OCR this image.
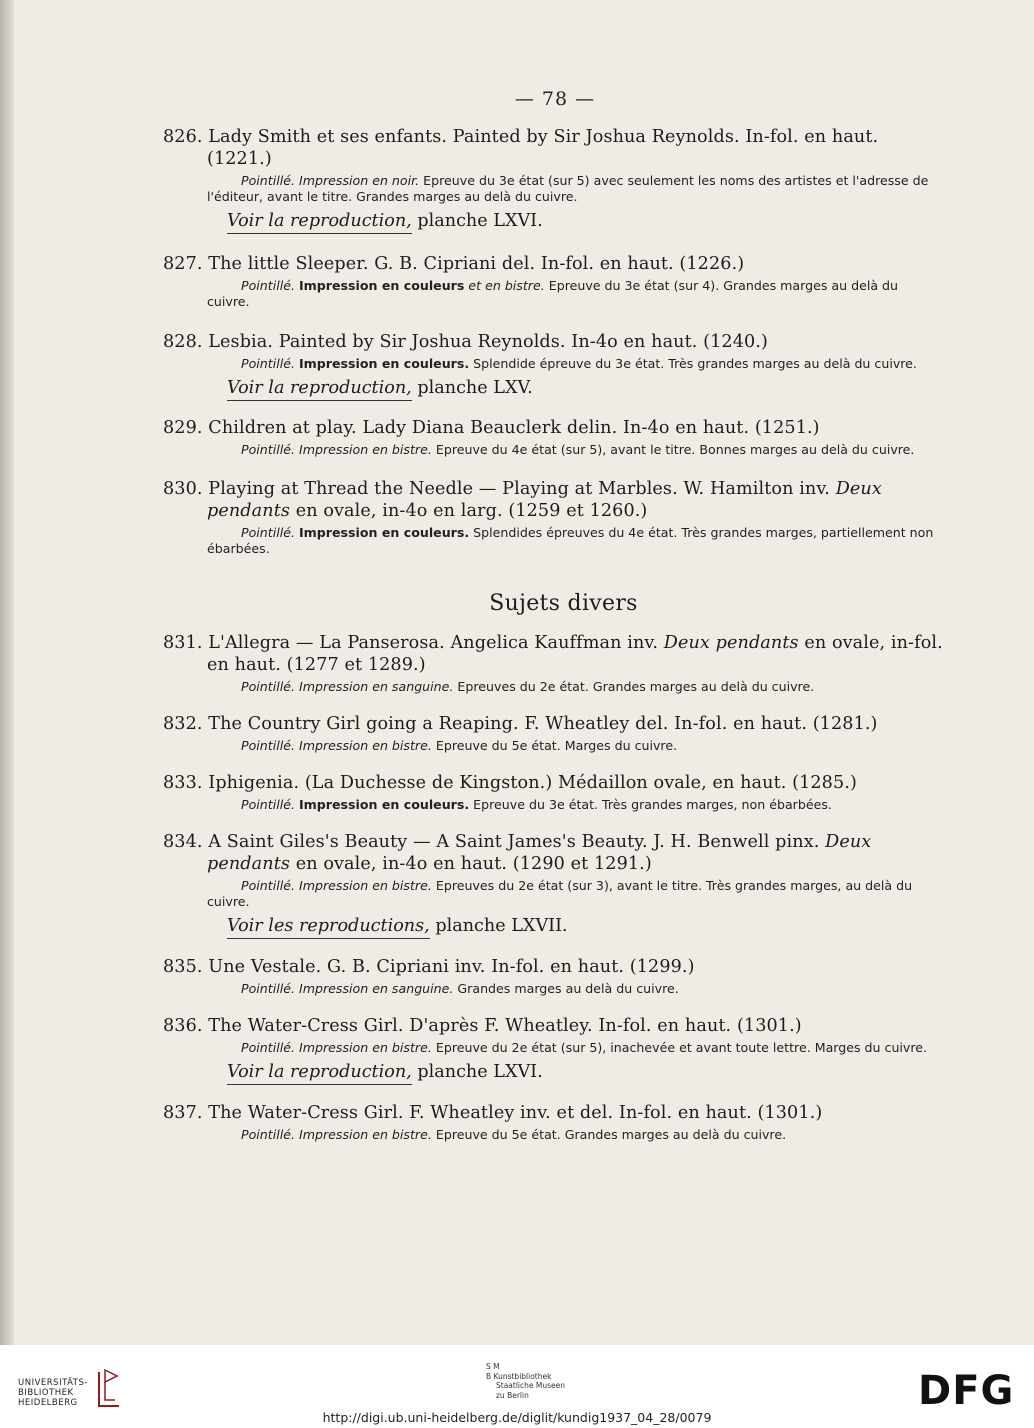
— 78 —
826. Lady Smith et ses enfants. Painted by Sir Joshua Reynolds. In-fol. en haut. (1221.)
Pointillé. Impression en noir. Epreuve du 3e état (sur 5) avec seulement les noms des artistes et l'adresse de l'éditeur, avant le titre. Grandes marges au delà du cuivre.
Voir la reproduction, planche LXVI.
827. The little Sleeper. G. B. Cipriani del. In-fol. en haut. (1226.)
Pointillé. Impression en couleurs et en bistre. Epreuve du 3e état (sur 4). Grandes marges au delà du cuivre.
828. Lesbia. Painted by Sir Joshua Reynolds. In-4o en haut. (1240.)
Pointillé. Impression en couleurs. Splendide épreuve du 3e état. Très grandes marges au delà du cuivre.
Voir la reproduction, planche LXV.
829. Children at play. Lady Diana Beauclerk delin. In-4o en haut. (1251.)
Pointillé. Impression en bistre. Epreuve du 4e état (sur 5), avant le titre. Bonnes marges au delà du cuivre.
830. Playing at Thread the Needle — Playing at Marbles. W. Hamilton inv. Deux pendants en ovale, in-4o en larg. (1259 et 1260.)
Pointillé. Impression en couleurs. Splendides épreuves du 4e état. Très grandes marges, partiellement non ébarbées.
Sujets divers
831. L'Allegra — La Panserosa. Angelica Kauffman inv. Deux pendants en ovale, in-fol. en haut. (1277 et 1289.)
Pointillé. Impression en sanguine. Epreuves du 2e état. Grandes marges au delà du cuivre.
832. The Country Girl going a Reaping. F. Wheatley del. In-fol. en haut. (1281.)
Pointillé. Impression en bistre. Epreuve du 5e état. Marges du cuivre.
833. Iphigenia. (La Duchesse de Kingston.) Médaillon ovale, en haut. (1285.)
Pointillé. Impression en couleurs. Epreuve du 3e état. Très grandes marges, non ébarbées.
834. A Saint Giles's Beauty — A Saint James's Beauty. J. H. Benwell pinx. Deux pendants en ovale, in-4o en haut. (1290 et 1291.)
Pointillé. Impression en bistre. Epreuves du 2e état (sur 3), avant le titre. Très grandes marges, au delà du cuivre.
Voir les reproductions, planche LXVII.
835. Une Vestale. G. B. Cipriani inv. In-fol. en haut. (1299.)
Pointillé. Impression en sanguine. Grandes marges au delà du cuivre.
836. The Water-Cress Girl. D'après F. Wheatley. In-fol. en haut. (1301.)
Pointillé. Impression en bistre. Epreuve du 2e état (sur 5), inachevée et avant toute lettre. Marges du cuivre.
Voir la reproduction, planche LXVI.
837. The Water-Cress Girl. F. Wheatley inv. et del. In-fol. en haut. (1301.)
Pointillé. Impression en bistre. Epreuve du 5e état. Grandes marges au delà du cuivre.
UNIVERSITÄTS-
BIBLIOTHEK
HEIDELBERG
S M
B Kunstbibliothek
Staatliche Museen
zu Berlin	DFG
http://digi.ub.uni-heidelberg.de/diglit/kundig1937_04_28/0079
